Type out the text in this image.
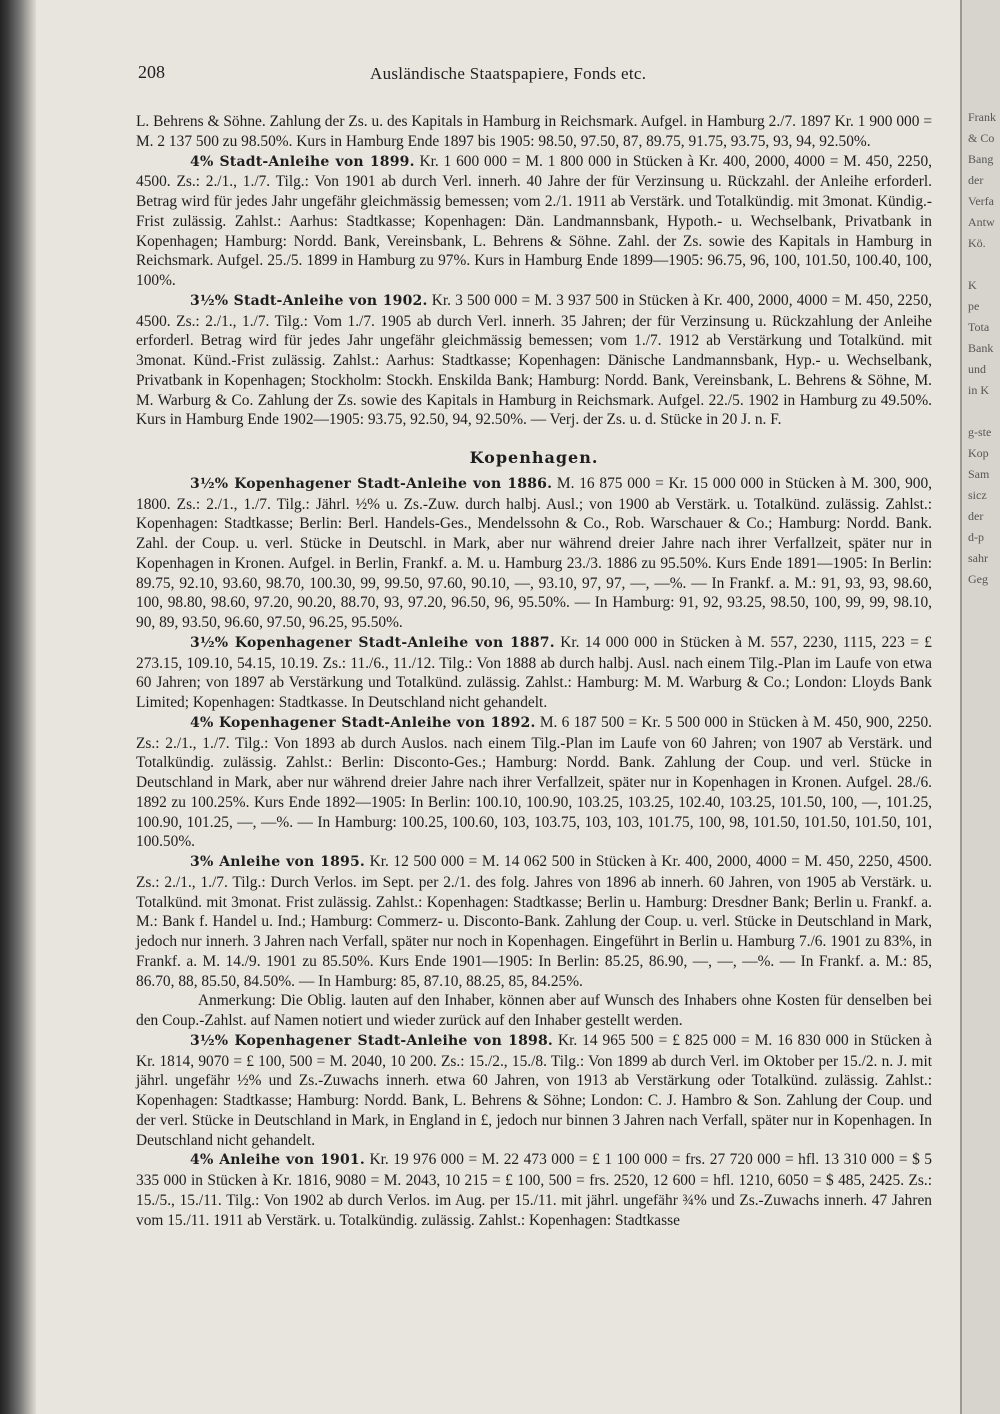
Frank
& Co
Bang
der
Verfa
Antw
Kö.
K
pe
Tota
Bank
und
in K
g-ste
Kop
Sam
sicz
der
d-p
sahr
Geg
208	Ausländische Staatspapiere, Fonds etc.

L. Behrens & Söhne. Zahlung der Zs. u. des Kapitals in Hamburg in Reichsmark. Aufgel. in Hamburg 2./7. 1897 Kr. 1 900 000 = M. 2 137 500 zu 98.50%. Kurs in Hamburg Ende 1897 bis 1905: 98.50, 97.50, 87, 89.75, 91.75, 93.75, 93, 94, 92.50%.

4% Stadt-Anleihe von 1899. Kr. 1 600 000 = M. 1 800 000 in Stücken à Kr. 400, 2000, 4000 = M. 450, 2250, 4500. Zs.: 2./1., 1./7. Tilg.: Von 1901 ab durch Verl. innerh. 40 Jahre der für Verzinsung u. Rückzahl. der Anleihe erforderl. Betrag wird für jedes Jahr ungefähr gleichmässig bemessen; vom 2./1. 1911 ab Verstärk. und Totalkündig. mit 3monat. Kündig.-Frist zulässig. Zahlst.: Aarhus: Stadtkasse; Kopenhagen: Dän. Landmannsbank, Hypoth.- u. Wechselbank, Privatbank in Kopenhagen; Hamburg: Nordd. Bank, Vereinsbank, L. Behrens & Söhne. Zahl. der Zs. sowie des Kapitals in Hamburg in Reichsmark. Aufgel. 25./5. 1899 in Hamburg zu 97%. Kurs in Hamburg Ende 1899—1905: 96.75, 96, 100, 101.50, 100.40, 100, 100%.

3½% Stadt-Anleihe von 1902. Kr. 3 500 000 = M. 3 937 500 in Stücken à Kr. 400, 2000, 4000 = M. 450, 2250, 4500. Zs.: 2./1., 1./7. Tilg.: Vom 1./7. 1905 ab durch Verl. innerh. 35 Jahren; der für Verzinsung u. Rückzahlung der Anleihe erforderl. Betrag wird für jedes Jahr ungefähr gleichmässig bemessen; vom 1./7. 1912 ab Verstärkung und Totalkünd. mit 3monat. Künd.-Frist zulässig. Zahlst.: Aarhus: Stadtkasse; Kopenhagen: Dänische Landmannsbank, Hyp.- u. Wechselbank, Privatbank in Kopenhagen; Stockholm: Stockh. Enskilda Bank; Hamburg: Nordd. Bank, Vereinsbank, L. Behrens & Söhne, M. M. Warburg & Co. Zahlung der Zs. sowie des Kapitals in Hamburg in Reichsmark. Aufgel. 22./5. 1902 in Hamburg zu 49.50%. Kurs in Hamburg Ende 1902—1905: 93.75, 92.50, 94, 92.50%. — Verj. der Zs. u. d. Stücke in 20 J. n. F.

Kopenhagen.

3½% Kopenhagener Stadt-Anleihe von 1886. M. 16 875 000 = Kr. 15 000 000 in Stücken à M. 300, 900, 1800. Zs.: 2./1., 1./7. Tilg.: Jährl. ½% u. Zs.-Zuw. durch halbj. Ausl.; von 1900 ab Verstärk. u. Totalkünd. zulässig. Zahlst.: Kopenhagen: Stadtkasse; Berlin: Berl. Handels-Ges., Mendelssohn & Co., Rob. Warschauer & Co.; Hamburg: Nordd. Bank. Zahl. der Coup. u. verl. Stücke in Deutschl. in Mark, aber nur während dreier Jahre nach ihrer Verfallzeit, später nur in Kopenhagen in Kronen. Aufgel. in Berlin, Frankf. a. M. u. Hamburg 23./3. 1886 zu 95.50%. Kurs Ende 1891—1905: In Berlin: 89.75, 92.10, 93.60, 98.70, 100.30, 99, 99.50, 97.60, 90.10, —, 93.10, 97, 97, —, —%. — In Frankf. a. M.: 91, 93, 93, 98.60, 100, 98.80, 98.60, 97.20, 90.20, 88.70, 93, 97.20, 96.50, 96, 95.50%. — In Hamburg: 91, 92, 93.25, 98.50, 100, 99, 99, 98.10, 90, 89, 93.50, 96.60, 97.50, 96.25, 95.50%.

3½% Kopenhagener Stadt-Anleihe von 1887. Kr. 14 000 000 in Stücken à M. 557, 2230, 1115, 223 = £ 273.15, 109.10, 54.15, 10.19. Zs.: 11./6., 11./12. Tilg.: Von 1888 ab durch halbj. Ausl. nach einem Tilg.-Plan im Laufe von etwa 60 Jahren; von 1897 ab Verstärkung und Totalkünd. zulässig. Zahlst.: Hamburg: M. M. Warburg & Co.; London: Lloyds Bank Limited; Kopenhagen: Stadtkasse. In Deutschland nicht gehandelt.

4% Kopenhagener Stadt-Anleihe von 1892. M. 6 187 500 = Kr. 5 500 000 in Stücken à M. 450, 900, 2250. Zs.: 2./1., 1./7. Tilg.: Von 1893 ab durch Auslos. nach einem Tilg.-Plan im Laufe von 60 Jahren; von 1907 ab Verstärk. und Totalkündig. zulässig. Zahlst.: Berlin: Disconto-Ges.; Hamburg: Nordd. Bank. Zahlung der Coup. und verl. Stücke in Deutschland in Mark, aber nur während dreier Jahre nach ihrer Verfallzeit, später nur in Kopenhagen in Kronen. Aufgel. 28./6. 1892 zu 100.25%. Kurs Ende 1892—1905: In Berlin: 100.10, 100.90, 103.25, 103.25, 102.40, 103.25, 101.50, 100, —, 101.25, 100.90, 101.25, —, —%. — In Hamburg: 100.25, 100.60, 103, 103.75, 103, 103, 101.75, 100, 98, 101.50, 101.50, 101.50, 101, 100.50%.

3% Anleihe von 1895. Kr. 12 500 000 = M. 14 062 500 in Stücken à Kr. 400, 2000, 4000 = M. 450, 2250, 4500. Zs.: 2./1., 1./7. Tilg.: Durch Verlos. im Sept. per 2./1. des folg. Jahres von 1896 ab innerh. 60 Jahren, von 1905 ab Verstärk. u. Totalkünd. mit 3monat. Frist zulässig. Zahlst.: Kopenhagen: Stadtkasse; Berlin u. Hamburg: Dresdner Bank; Berlin u. Frankf. a. M.: Bank f. Handel u. Ind.; Hamburg: Commerz- u. Disconto-Bank. Zahlung der Coup. u. verl. Stücke in Deutschland in Mark, jedoch nur innerh. 3 Jahren nach Verfall, später nur noch in Kopenhagen. Eingeführt in Berlin u. Hamburg 7./6. 1901 zu 83%, in Frankf. a. M. 14./9. 1901 zu 85.50%. Kurs Ende 1901—1905: In Berlin: 85.25, 86.90, —, —, —%. — In Frankf. a. M.: 85, 86.70, 88, 85.50, 84.50%. — In Hamburg: 85, 87.10, 88.25, 85, 84.25%.

Anmerkung: Die Oblig. lauten auf den Inhaber, können aber auf Wunsch des Inhabers ohne Kosten für denselben bei den Coup.-Zahlst. auf Namen notiert und wieder zurück auf den Inhaber gestellt werden.

3½% Kopenhagener Stadt-Anleihe von 1898. Kr. 14 965 500 = £ 825 000 = M. 16 830 000 in Stücken à Kr. 1814, 9070 = £ 100, 500 = M. 2040, 10 200. Zs.: 15./2., 15./8. Tilg.: Von 1899 ab durch Verl. im Oktober per 15./2. n. J. mit jährl. ungefähr ½% und Zs.-Zuwachs innerh. etwa 60 Jahren, von 1913 ab Verstärkung oder Totalkünd. zulässig. Zahlst.: Kopenhagen: Stadtkasse; Hamburg: Nordd. Bank, L. Behrens & Söhne; London: C. J. Hambro & Son. Zahlung der Coup. und der verl. Stücke in Deutschland in Mark, in England in £, jedoch nur binnen 3 Jahren nach Verfall, später nur in Kopenhagen. In Deutschland nicht gehandelt.

4% Anleihe von 1901. Kr. 19 976 000 = M. 22 473 000 = £ 1 100 000 = frs. 27 720 000 = hfl. 13 310 000 = $ 5 335 000 in Stücken à Kr. 1816, 9080 = M. 2043, 10 215 = £ 100, 500 = frs. 2520, 12 600 = hfl. 1210, 6050 = $ 485, 2425. Zs.: 15./5., 15./11. Tilg.: Von 1902 ab durch Verlos. im Aug. per 15./11. mit jährl. ungefähr ¾% und Zs.-Zuwachs innerh. 47 Jahren vom 15./11. 1911 ab Verstärk. u. Totalkündig. zulässig. Zahlst.: Kopenhagen: Stadtkasse
